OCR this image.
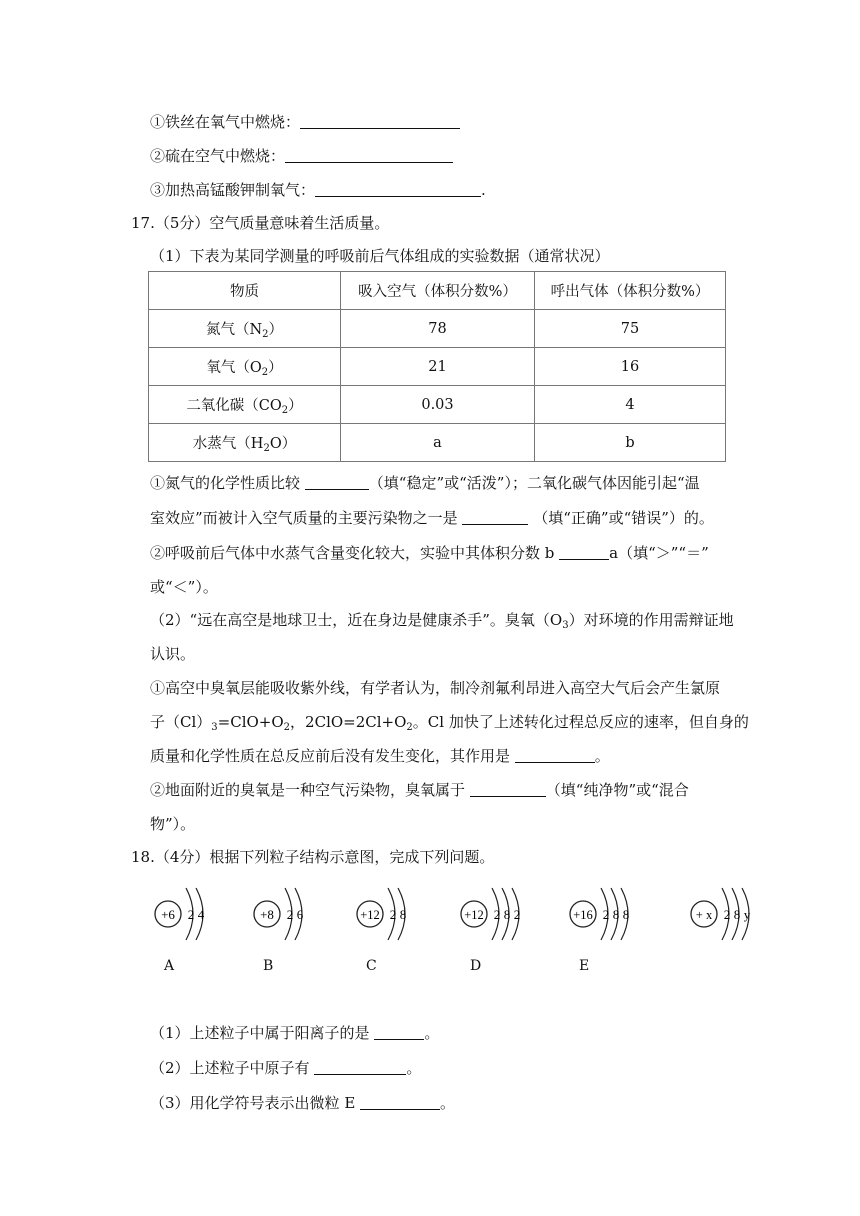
①铁丝在氧气中燃烧：
②硫在空气中燃烧：
③加热高锰酸钾制氧气：	.
17.（5分）空气质量意味着生活质量。
（1）下表为某同学测量的呼吸前后气体组成的实验数据（通常状况）
物质	吸入空气（体积分数%）	呼出气体（体积分数%）
氮气$(N_2)$	78	75
氧气$(O_2)$	21	16
二氧化碳$(CO_2)$	0.03	4
水蒸气$(H_2O)$	a	b
①氮气的化学性质比较	（填“稳定”或“活泼”）；二氧化碳气体因能引起“温
室效应”而被计入空气质量的主要污染物之一是	（填“正确”或“错误”）的。
②呼吸前后气体中水蒸气含量变化较大，实验中其体积分数 b	a（填“＞”“＝”
或“＜”）。
（2）“远在高空是地球卫士，近在身边是健康杀手”。臭氧$(O_3)$对环境的作用需辩证地
认识。
①高空中臭氧层能吸收紫外线，有学者认为，制冷剂氟利昂进入高空大气后会产生氯原
子$(Cl)_3=ClO+O_2$，$2ClO=2Cl+O_2$。Cl 加快了上述转化过程总反应的速率，但自身的
质量和化学性质在总反应前后没有发生变化，其作用是	。
②地面附近的臭氧是一种空气污染物，臭氧属于	（填“纯净物”或“混合
物”）。
18.（4分）根据下列粒子结构示意图，完成下列问题。
+6 2 4
A
+8 2 6
B
+12 2 8
C
+12 2 8 2
D
+16 2 8 8
E
+ x 2 8 y
（1）上述粒子中属于阳离子的是	。
（2）上述粒子中原子有	。
（3）用化学符号表示出微粒 E	。
